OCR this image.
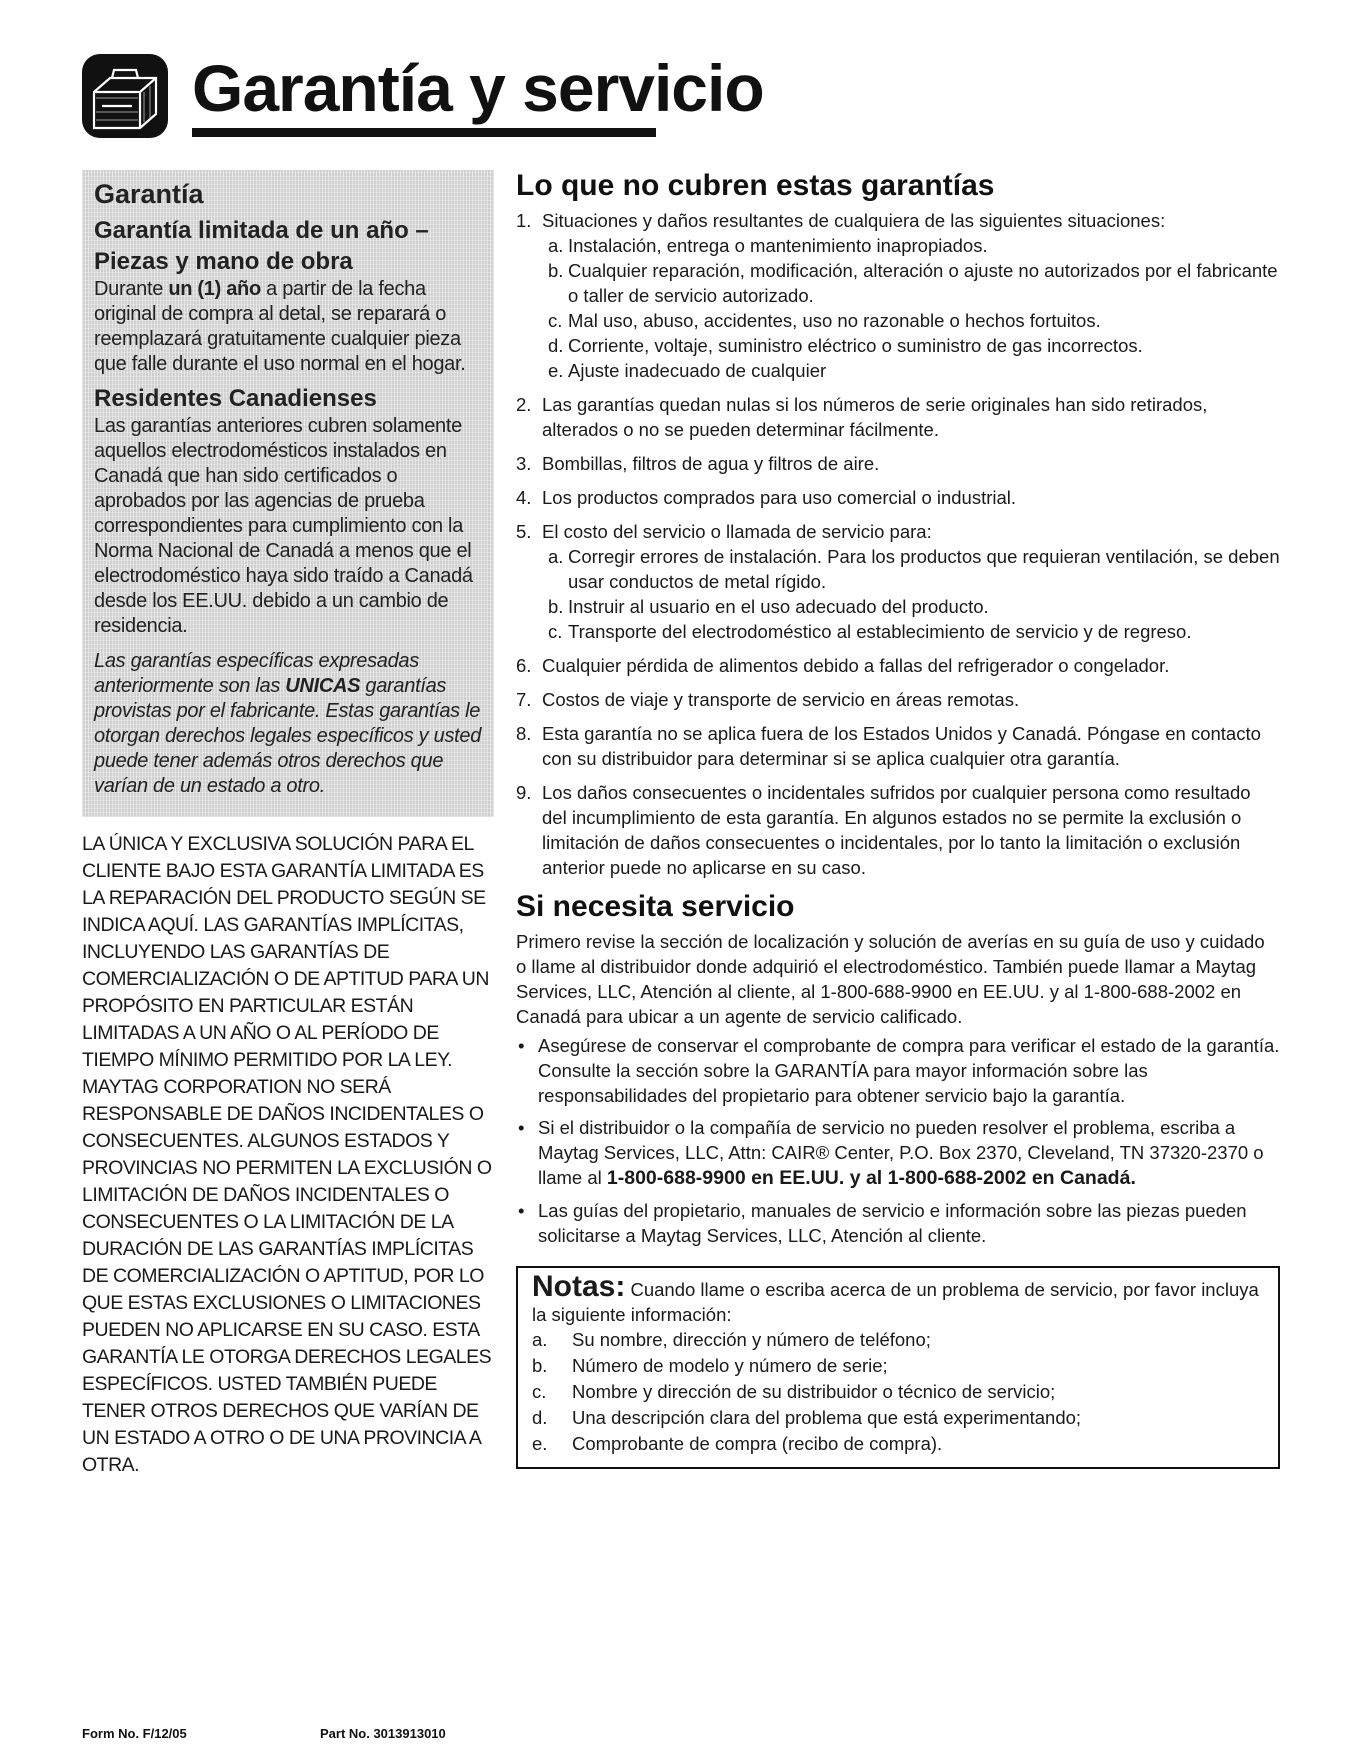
Garantía y servicio
Garantía
Garantía limitada de un año –
Piezas y mano de obra

Durante un (1) año a partir de la fecha original de compra al detal, se reparará o reemplazará gratuitamente cualquier pieza que falle durante el uso normal en el hogar.

Residentes Canadienses

Las garantías anteriores cubren solamente aquellos electrodomésticos instalados en Canadá que han sido certificados o aprobados por las agencias de prueba correspondientes para cumplimiento con la Norma Nacional de Canadá a menos que el electrodoméstico haya sido traído a Canadá desde los EE.UU. debido a un cambio de residencia.

Las garantías específicas expresadas anteriormente son las UNICAS garantías provistas por el fabricante. Estas garantías le otorgan derechos legales específicos y usted puede tener además otros derechos que varían de un estado a otro.

LA ÚNICA Y EXCLUSIVA SOLUCIÓN PARA EL CLIENTE BAJO ESTA GARANTÍA LIMITADA ES LA REPARACIÓN DEL PRODUCTO SEGÚN SE INDICA AQUÍ. LAS GARANTÍAS IMPLÍCITAS, INCLUYENDO LAS GARANTÍAS DE COMERCIALIZACIÓN O DE APTITUD PARA UN PROPÓSITO EN PARTICULAR ESTÁN LIMITADAS A UN AÑO O AL PERÍODO DE TIEMPO MÍNIMO PERMITIDO POR LA LEY. MAYTAG CORPORATION NO SERÁ RESPONSABLE DE DAÑOS INCIDENTALES O CONSECUENTES. ALGUNOS ESTADOS Y PROVINCIAS NO PERMITEN LA EXCLUSIÓN O LIMITACIÓN DE DAÑOS INCIDENTALES O CONSECUENTES O LA LIMITACIÓN DE LA DURACIÓN DE LAS GARANTÍAS IMPLÍCITAS DE COMERCIALIZACIÓN O APTITUD, POR LO QUE ESTAS EXCLUSIONES O LIMITACIONES PUEDEN NO APLICARSE EN SU CASO. ESTA GARANTÍA LE OTORGA DERECHOS LEGALES ESPECÍFICOS. USTED TAMBIÉN PUEDE TENER OTROS DERECHOS QUE VARÍAN DE UN ESTADO A OTRO O DE UNA PROVINCIA A OTRA.
Lo que no cubren estas garantías
1. Situaciones y daños resultantes de cualquiera de las siguientes situaciones:
a. Instalación, entrega o mantenimiento inapropiados.
b. Cualquier reparación, modificación, alteración o ajuste no autorizados por el fabricante o taller de servicio autorizado.
c. Mal uso, abuso, accidentes, uso no razonable o hechos fortuitos.
d. Corriente, voltaje, suministro eléctrico o suministro de gas incorrectos.
e. Ajuste inadecuado de cualquier
2. Las garantías quedan nulas si los números de serie originales han sido retirados, alterados o no se pueden determinar fácilmente.
3. Bombillas, filtros de agua y filtros de aire.
4. Los productos comprados para uso comercial o industrial.
5. El costo del servicio o llamada de servicio para:
a. Corregir errores de instalación. Para los productos que requieran ventilación, se deben usar conductos de metal rígido.
b. Instruir al usuario en el uso adecuado del producto.
c. Transporte del electrodoméstico al establecimiento de servicio y de regreso.
6. Cualquier pérdida de alimentos debido a fallas del refrigerador o congelador.
7. Costos de viaje y transporte de servicio en áreas remotas.
8. Esta garantía no se aplica fuera de los Estados Unidos y Canadá. Póngase en contacto con su distribuidor para determinar si se aplica cualquier otra garantía.
9. Los daños consecuentes o incidentales sufridos por cualquier persona como resultado del incumplimiento de esta garantía. En algunos estados no se permite la exclusión o limitación de daños consecuentes o incidentales, por lo tanto la limitación o exclusión anterior puede no aplicarse en su caso.
Si necesita servicio

Primero revise la sección de localización y solución de averías en su guía de uso y cuidado o llame al distribuidor donde adquirió el electrodoméstico. También puede llamar a Maytag Services, LLC, Atención al cliente, al 1-800-688-9900 en EE.UU. y al 1-800-688-2002 en Canadá para ubicar a un agente de servicio calificado.

• Asegúrese de conservar el comprobante de compra para verificar el estado de la garantía. Consulte la sección sobre la GARANTÍA para mayor información sobre las responsabilidades del propietario para obtener servicio bajo la garantía.
• Si el distribuidor o la compañía de servicio no pueden resolver el problema, escriba a Maytag Services, LLC, Attn: CAIR® Center, P.O. Box 2370, Cleveland, TN 37320-2370 o llame al 1-800-688-9900 en EE.UU. y al 1-800-688-2002 en Canadá.
• Las guías del propietario, manuales de servicio e información sobre las piezas pueden solicitarse a Maytag Services, LLC, Atención al cliente.
Notas: Cuando llame o escriba acerca de un problema de servicio, por favor incluya la siguiente información:
a. Su nombre, dirección y número de teléfono;
b. Número de modelo y número de serie;
c. Nombre y dirección de su distribuidor o técnico de servicio;
d. Una descripción clara del problema que está experimentando;
e. Comprobante de compra (recibo de compra).
Form No. F/12/05	Part No. 3013913010
